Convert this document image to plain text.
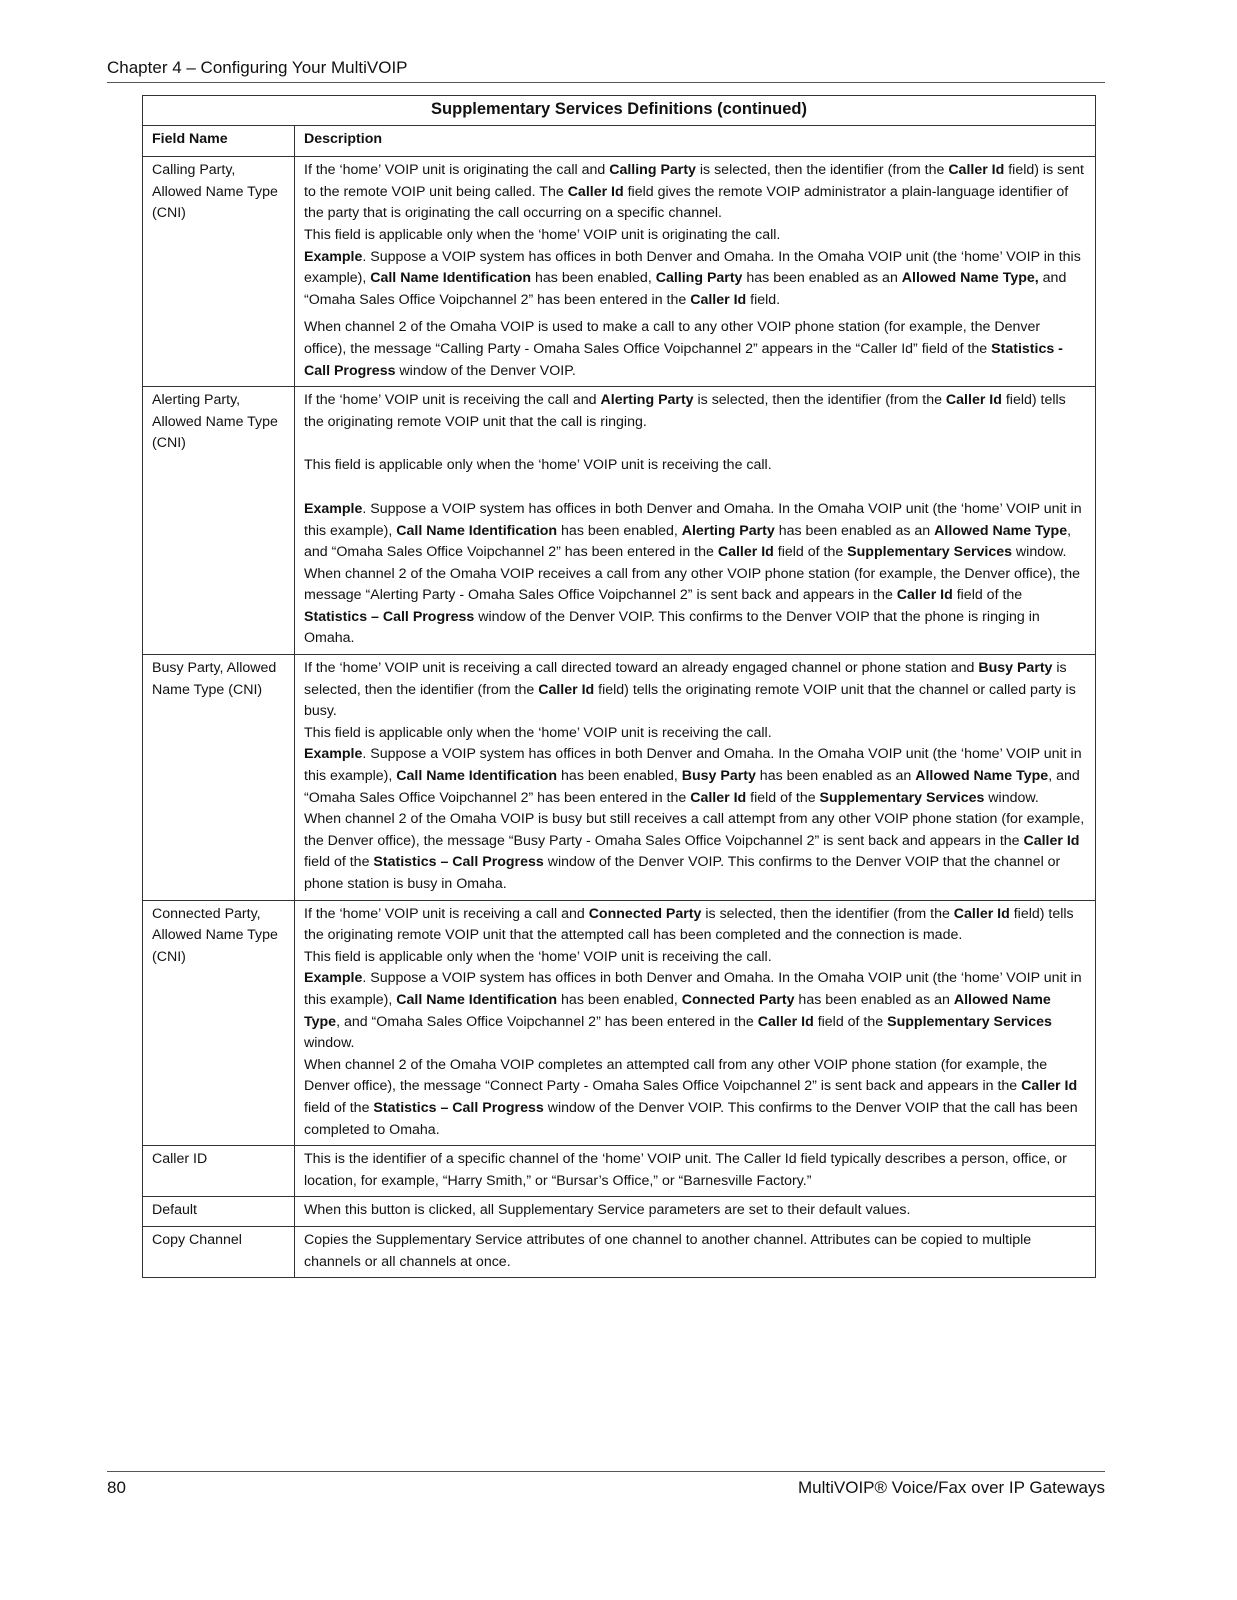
Chapter 4 – Configuring Your MultiVOIP
Supplementary Services Definitions (continued)	
Field Name	Description
Calling Party, Allowed Name Type (CNI)	If the ‘home’ VOIP unit is originating the call and Calling Party is selected, then the identifier (from the Caller Id field) is sent to the remote VOIP unit being called. The Caller Id field gives the remote VOIP administrator a plain-language identifier of the party that is originating the call occurring on a specific channel.

This field is applicable only when the ‘home’ VOIP unit is originating the call.

Example. Suppose a VOIP system has offices in both Denver and Omaha. In the Omaha VOIP unit (the ‘home’ VOIP in this example), Call Name Identification has been enabled, Calling Party has been enabled as an Allowed Name Type, and “Omaha Sales Office Voipchannel 2” has been entered in the Caller Id field.

When channel 2 of the Omaha VOIP is used to make a call to any other VOIP phone station (for example, the Denver office), the message “Calling Party - Omaha Sales Office Voipchannel 2” appears in the “Caller Id” field of the Statistics - Call Progress window of the Denver VOIP.

Alerting Party, Allowed Name Type (CNI)	If the ‘home’ VOIP unit is receiving the call and Alerting Party is selected, then the identifier (from the Caller Id field) tells the originating remote VOIP unit that the call is ringing.

This field is applicable only when the ‘home’ VOIP unit is receiving the call.

Example. Suppose a VOIP system has offices in both Denver and Omaha. In the Omaha VOIP unit (the ‘home’ VOIP unit in this example), Call Name Identification has been enabled, Alerting Party has been enabled as an Allowed Name Type, and “Omaha Sales Office Voipchannel 2” has been entered in the Caller Id field of the Supplementary Services window.

When channel 2 of the Omaha VOIP receives a call from any other VOIP phone station (for example, the Denver office), the message “Alerting Party - Omaha Sales Office Voipchannel 2” is sent back and appears in the Caller Id field of the Statistics – Call Progress window of the Denver VOIP. This confirms to the Denver VOIP that the phone is ringing in Omaha.

Busy Party, Allowed Name Type (CNI)	If the ‘home’ VOIP unit is receiving a call directed toward an already engaged channel or phone station and Busy Party is selected, then the identifier (from the Caller Id field) tells the originating remote VOIP unit that the channel or called party is busy.

This field is applicable only when the ‘home’ VOIP unit is receiving the call.

Example. Suppose a VOIP system has offices in both Denver and Omaha. In the Omaha VOIP unit (the ‘home’ VOIP unit in this example), Call Name Identification has been enabled, Busy Party has been enabled as an Allowed Name Type, and “Omaha Sales Office Voipchannel 2” has been entered in the Caller Id field of the Supplementary Services window.

When channel 2 of the Omaha VOIP is busy but still receives a call attempt from any other VOIP phone station (for example, the Denver office), the message “Busy Party - Omaha Sales Office Voipchannel 2” is sent back and appears in the Caller Id field of the Statistics – Call Progress window of the Denver VOIP. This confirms to the Denver VOIP that the channel or phone station is busy in Omaha.

Connected Party, Allowed Name Type (CNI)	If the ‘home’ VOIP unit is receiving a call and Connected Party is selected, then the identifier (from the Caller Id field) tells the originating remote VOIP unit that the attempted call has been completed and the connection is made.

This field is applicable only when the ‘home’ VOIP unit is receiving the call.

Example. Suppose a VOIP system has offices in both Denver and Omaha. In the Omaha VOIP unit (the ‘home’ VOIP unit in this example), Call Name Identification has been enabled, Connected Party has been enabled as an Allowed Name Type, and “Omaha Sales Office Voipchannel 2” has been entered in the Caller Id field of the Supplementary Services window.

When channel 2 of the Omaha VOIP completes an attempted call from any other VOIP phone station (for example, the Denver office), the message “Connect Party - Omaha Sales Office Voipchannel 2” is sent back and appears in the Caller Id field of the Statistics – Call Progress window of the Denver VOIP. This confirms to the Denver VOIP that the call has been completed to Omaha.

Caller ID	This is the identifier of a specific channel of the ‘home’ VOIP unit. The Caller Id field typically describes a person, office, or location, for example, “Harry Smith,” or “Bursar’s Office,” or “Barnesville Factory.”

Default	When this button is clicked, all Supplementary Service parameters are set to their default values.

Copy Channel	Copies the Supplementary Service attributes of one channel to another channel. Attributes can be copied to multiple channels or all channels at once.

80	MultiVOIP® Voice/Fax over IP Gateways
